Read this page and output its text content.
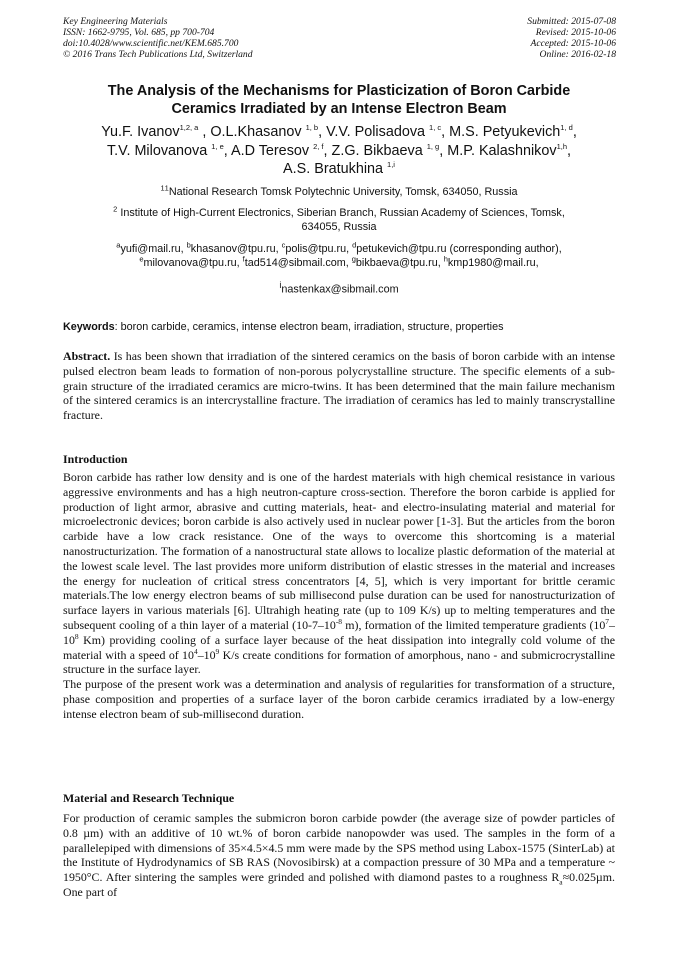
Key Engineering Materials
ISSN: 1662-9795, Vol. 685, pp 700-704
doi:10.4028/www.scientific.net/KEM.685.700
© 2016 Trans Tech Publications Ltd, Switzerland
Submitted: 2015-07-08
Revised: 2015-10-06
Accepted: 2015-10-06
Online: 2016-02-18
The Analysis of the Mechanisms for Plasticization of Boron Carbide
Ceramics Irradiated by an Intense Electron Beam
Yu.F. Ivanov$^{1,2, a}$ , O.L.Khasanov $^{1, b}$, V.V. Polisadova $^{1, c}$, M.S. Petyukevich$^{1, d}$,
T.V. Milovanova $^{1, e}$, A.D Teresov $^{2, f}$, Z.G. Bikbaeva $^{1, g}$, M.P. Kalashnikov$^{1,h}$,
A.S. Bratukhina $^{1,i}$
$^{11}$National Research Tomsk Polytechnic University, Tomsk, 634050, Russia
$^2$ Institute of High-Current Electronics, Siberian Branch, Russian Academy of Sciences, Tomsk,
634055, Russia
$^a$yufi@mail.ru, $^b$khasanov@tpu.ru, $^c$polis@tpu.ru, $^d$petukevich@tpu.ru (corresponding author),
$^e$milovanova@tpu.ru, $^f$tad514@sibmail.com, $^g$bikbaeva@tpu.ru, $^h$kmp1980@mail.ru,
$^i$nastenkax@sibmail.com
Keywords: boron carbide, ceramics, intense electron beam, irradiation, structure, properties
Abstract. Is has been shown that irradiation of the sintered ceramics on the basis of boron carbide with an intense pulsed electron beam leads to formation of non-porous polycrystalline structure. The specific elements of a sub-grain structure of the irradiated ceramics are micro-twins. It has been determined that the main failure mechanism of the sintered ceramics is an intercrystalline fracture. The irradiation of ceramics has led to mainly transcrystalline fracture.
Introduction

Boron carbide has rather low density and is one of the hardest materials with high chemical resistance in various aggressive environments and has a high neutron-capture cross-section. Therefore the boron carbide is applied for production of light armor, abrasive and cutting materials, heat- and electro-insulating material and material for microelectronic devices; boron carbide is also actively used in nuclear power [1-3]. But the articles from the boron carbide have a low crack resistance. One of the ways to overcome this shortcoming is a material nanostructurization. The formation of a nanostructural state allows to localize plastic deformation of the material at the lowest scale level. The last provides more uniform distribution of elastic stresses in the material and increases the energy for nucleation of critical stress concentrators [4, 5], which is very important for brittle ceramic materials.The low energy electron beams of sub millisecond pulse duration can be used for nanostructurization of surface layers in various materials [6]. Ultrahigh heating rate (up to 109 K/s) up to melting temperatures and the subsequent cooling of a thin layer of a material ($10-7-10^{-8}$ m), formation of the limited temperature gradients ($10^7-10^8$ Km) providing cooling of a surface layer because of the heat dissipation into integrally cold volume of the material with a speed of $10^4-10^9$ K/s create conditions for formation of amorphous, nano - and submicrocrystalline structure in the surface layer.

The purpose of the present work was a determination and analysis of regularities for transformation of a structure, phase composition and properties of a surface layer of the boron carbide ceramics irradiated by a low-energy intense electron beam of sub-millisecond duration.

Material and Research Technique

For production of ceramic samples the submicron boron carbide powder (the average size of powder particles of 0.8 µm) with an additive of 10 wt.% of boron carbide nanopowder was used. The samples in the form of a parallelepiped with dimensions of 35×4.5×4.5 mm were made by the SPS method using Labox-1575 (SinterLab) at the Institute of Hydrodynamics of SB RAS (Novosibirsk) at a compaction pressure of 30 MPa and a temperature ~ 1950°C. After sintering the samples were grinded and polished with diamond pastes to a roughness $R_a\approx 0.025\mu m$. One part of
